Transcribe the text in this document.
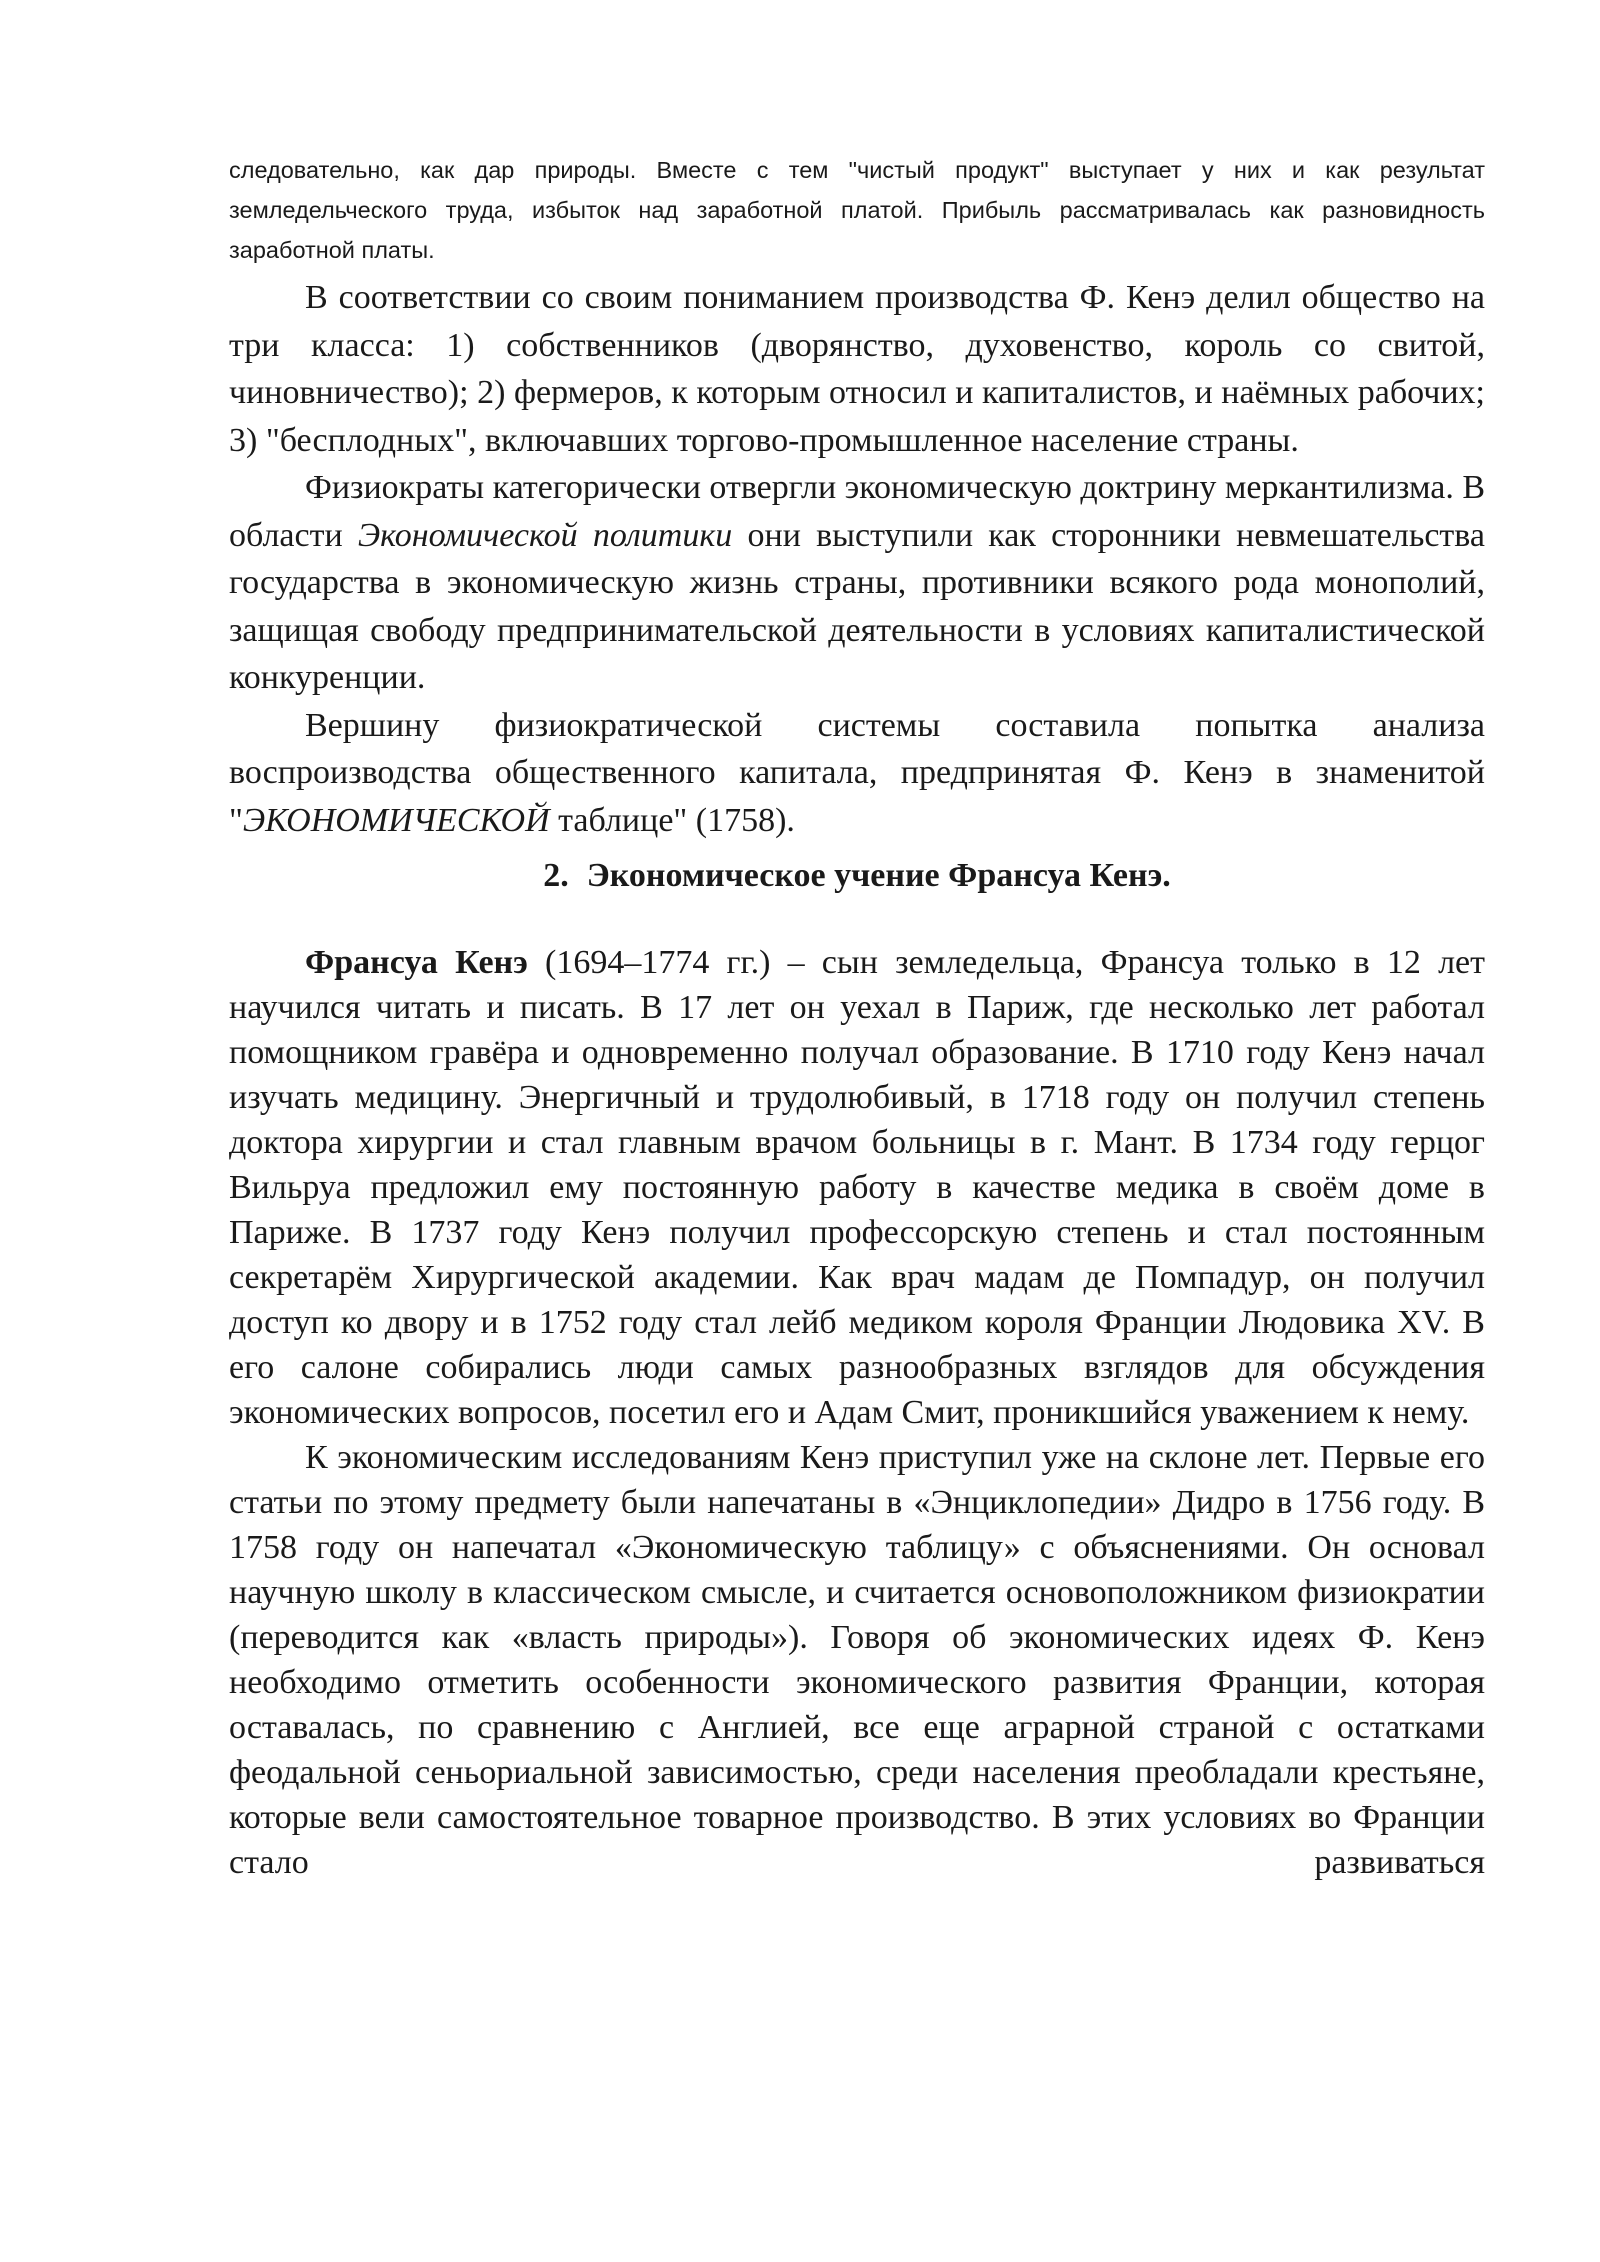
следовательно, как дар природы. Вместе с тем "чистый продукт" выступает у них и как результат земледельческого труда, избыток над заработной платой. Прибыль рассматривалась как разновидность заработной платы.

В соответствии со своим пониманием производства Ф. Кенэ делил общество на три класса: 1) собственников (дворянство, духовенство, король со свитой, чиновничество); 2) фермеров, к которым относил и капиталистов, и наёмных рабочих; 3) "бесплодных", включавших торгово-промышленное население страны.

Физиократы категорически отвергли экономическую доктрину меркантилизма. В области Экономической политики они выступили как сторонники невмешательства государства в экономическую жизнь страны, противники всякого рода монополий, защищая свободу предпринимательской деятельности в условиях капиталистической конкуренции.

Вершину физиократической системы составила попытка анализа воспроизводства общественного капитала, предпринятая Ф. Кенэ в знаменитой "ЭКОНОМИЧЕСКОЙ таблице" (1758).

2. Экономическое учение Франсуа Кенэ.

Франсуа Кенэ (1694–1774 гг.) – сын земледельца, Франсуа только в 12 лет научился читать и писать. В 17 лет он уехал в Париж, где несколько лет работал помощником гравёра и одновременно получал образование. В 1710 году Кенэ начал изучать медицину. Энергичный и трудолюбивый, в 1718 году он получил степень доктора хирургии и стал главным врачом больницы в г. Мант. В 1734 году герцог Вильруа предложил ему постоянную работу в качестве медика в своём доме в Париже. В 1737 году Кенэ получил профессорскую степень и стал постоянным секретарём Хирургической академии. Как врач мадам де Помпадур, он получил доступ ко двору и в 1752 году стал лейб медиком короля Франции Людовика XV. В его салоне собирались люди самых разнообразных взглядов для обсуждения экономических вопросов, посетил его и Адам Смит, проникшийся уважением к нему.

К экономическим исследованиям Кенэ приступил уже на склоне лет. Первые его статьи по этому предмету были напечатаны в «Энциклопедии» Дидро в 1756 году. В 1758 году он напечатал «Экономическую таблицу» с объяснениями. Он основал научную школу в классическом смысле, и считается основоположником физиократии (переводится как «власть природы»). Говоря об экономических идеях Ф. Кенэ необходимо отметить особенности экономического развития Франции, которая оставалась, по сравнению с Англией, все еще аграрной страной с остатками феодальной сеньориальной зависимостью, среди населения преобладали крестьяне, которые вели самостоятельное товарное производство. В этих условиях во Франции стало развиваться
